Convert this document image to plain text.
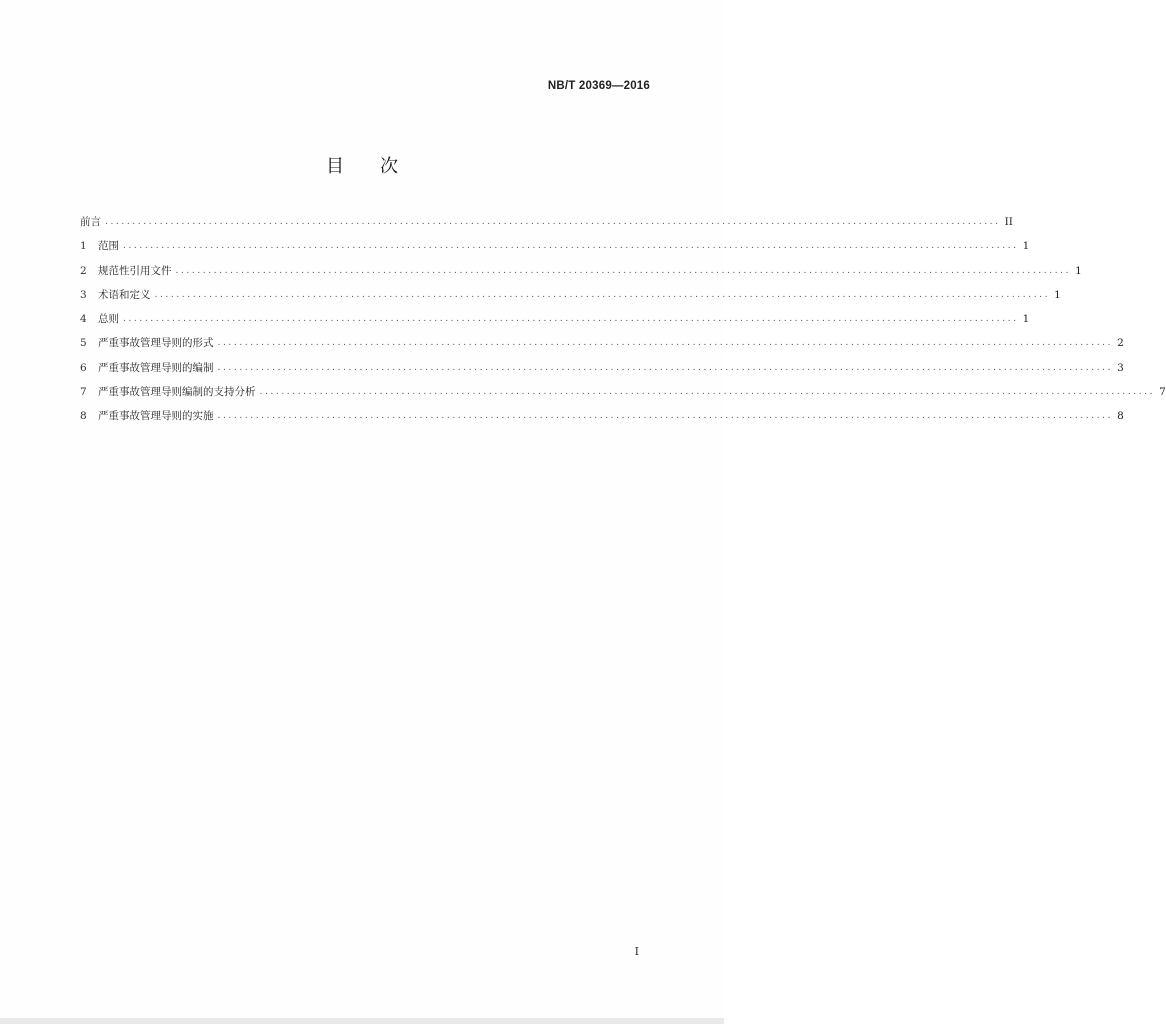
NB/T 20369—2016
目 次
前言 .................................................................................................................................................................... II
1	范围 .................................................................................................................................................................... 1
2	规范性引用文件 .................................................................................................................................................................... 1
3	术语和定义 .................................................................................................................................................................... 1
4	总则 .................................................................................................................................................................... 1
5	严重事故管理导则的形式 .................................................................................................................................................................... 2
6	严重事故管理导则的编制 .................................................................................................................................................................... 3
7	严重事故管理导则编制的支持分析 .................................................................................................................................................................... 7
8	严重事故管理导则的实施 .................................................................................................................................................................... 8
I
